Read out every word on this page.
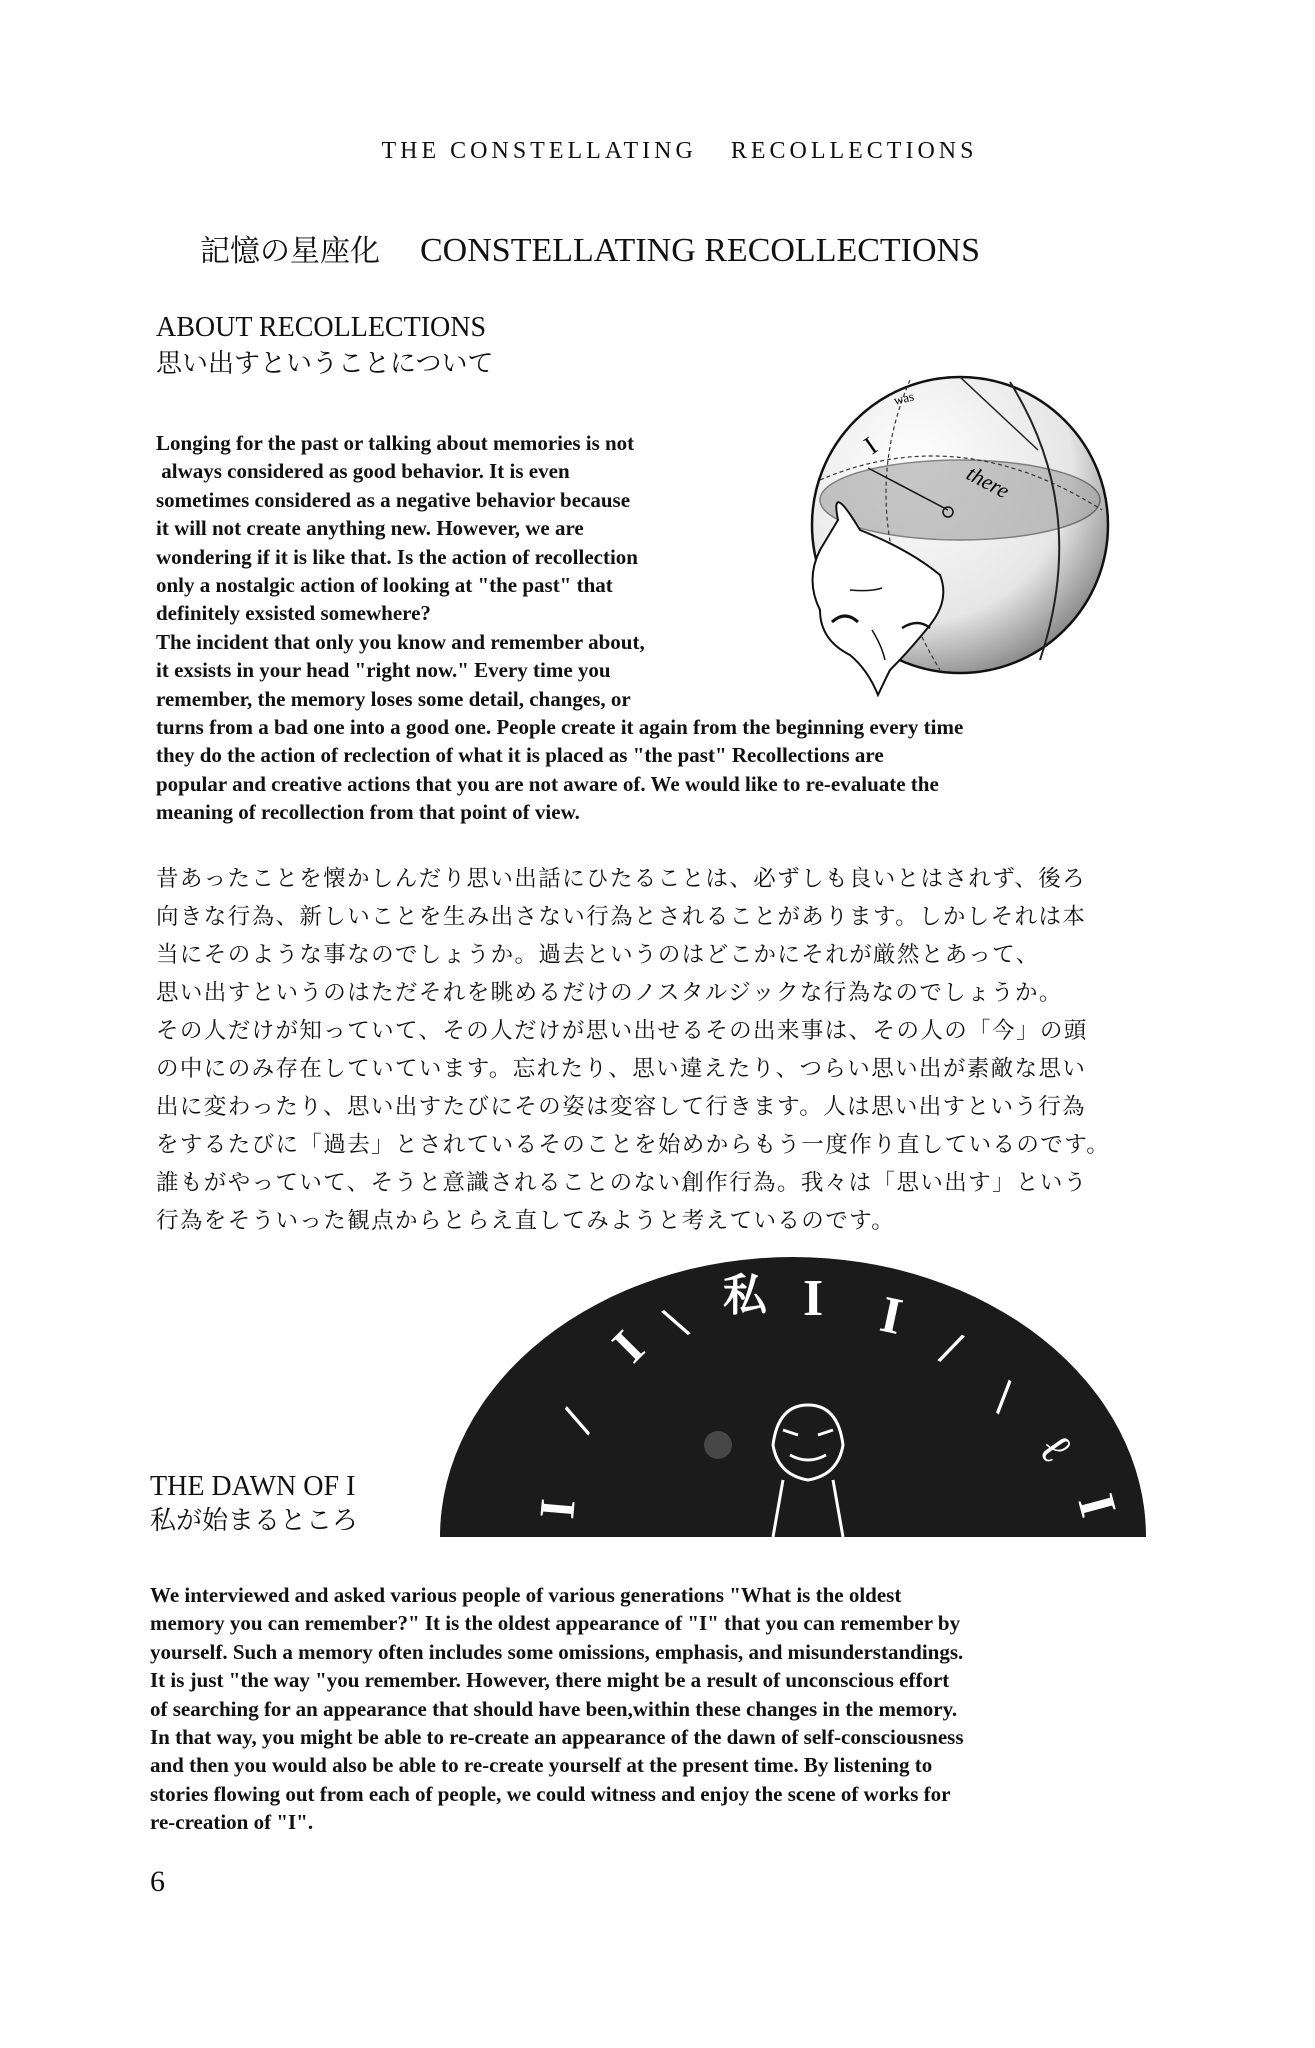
THE CONSTELLATING RECOLLECTIONS
記憶の星座化 CONSTELLATING RECOLLECTIONS
ABOUT RECOLLECTIONS
思い出すということについて
was
I
there

Longing for the past or talking about memories is not

always considered as good behavior. It is even

sometimes considered as a negative behavior because

it will not create anything new. However, we are

wondering if it is like that. Is the action of recollection

only a nostalgic action of looking at "the past" that

definitely exsisted somewhere?

The incident that only you know and remember about,

it exsists in your head "right now." Every time you

remember, the memory loses some detail, changes, or

turns from a bad one into a good one. People create it again from the beginning every time

they do the action of reclection of what it is placed as "the past" Recollections are

popular and creative actions that you are not aware of. We would like to re-evaluate the

meaning of recollection from that point of view.

昔あったことを懐かしんだり思い出話にひたることは、必ずしも良いとはされず、後ろ

向きな行為、新しいことを生み出さない行為とされることがあります。しかしそれは本

当にそのような事なのでしょうか。過去というのはどこかにそれが厳然とあって、

思い出すというのはただそれを眺めるだけのノスタルジックな行為なのでしょうか。

その人だけが知っていて、その人だけが思い出せるその出来事は、その人の「今」の頭

の中にのみ存在していています。忘れたり、思い違えたり、つらい思い出が素敵な思い

出に変わったり、思い出すたびにその姿は変容して行きます。人は思い出すという行為

をするたびに「過去」とされているそのことを始めからもう一度作り直しているのです。

誰もがやっていて、そうと意識されることのない創作行為。我々は「思い出す」という

行為をそういった観点からとらえ直してみようと考えているのです。

I
/
I \ 私 I I
/
\
ℓ
I
THE DAWN OF I
私が始まるところ

We interviewed and asked various people of various generations "What is the oldest

memory you can remember?" It is the oldest appearance of "I" that you can remember by

yourself. Such a memory often includes some omissions, emphasis, and misunderstandings.

It is just "the way "you remember. However, there might be a result of unconscious effort

of searching for an appearance that should have been,within these changes in the memory.

In that way, you might be able to re-create an appearance of the dawn of self-consciousness

and then you would also be able to re-create yourself at the present time. By listening to

stories flowing out from each of people, we could witness and enjoy the scene of works for

re-creation of "I".

6
